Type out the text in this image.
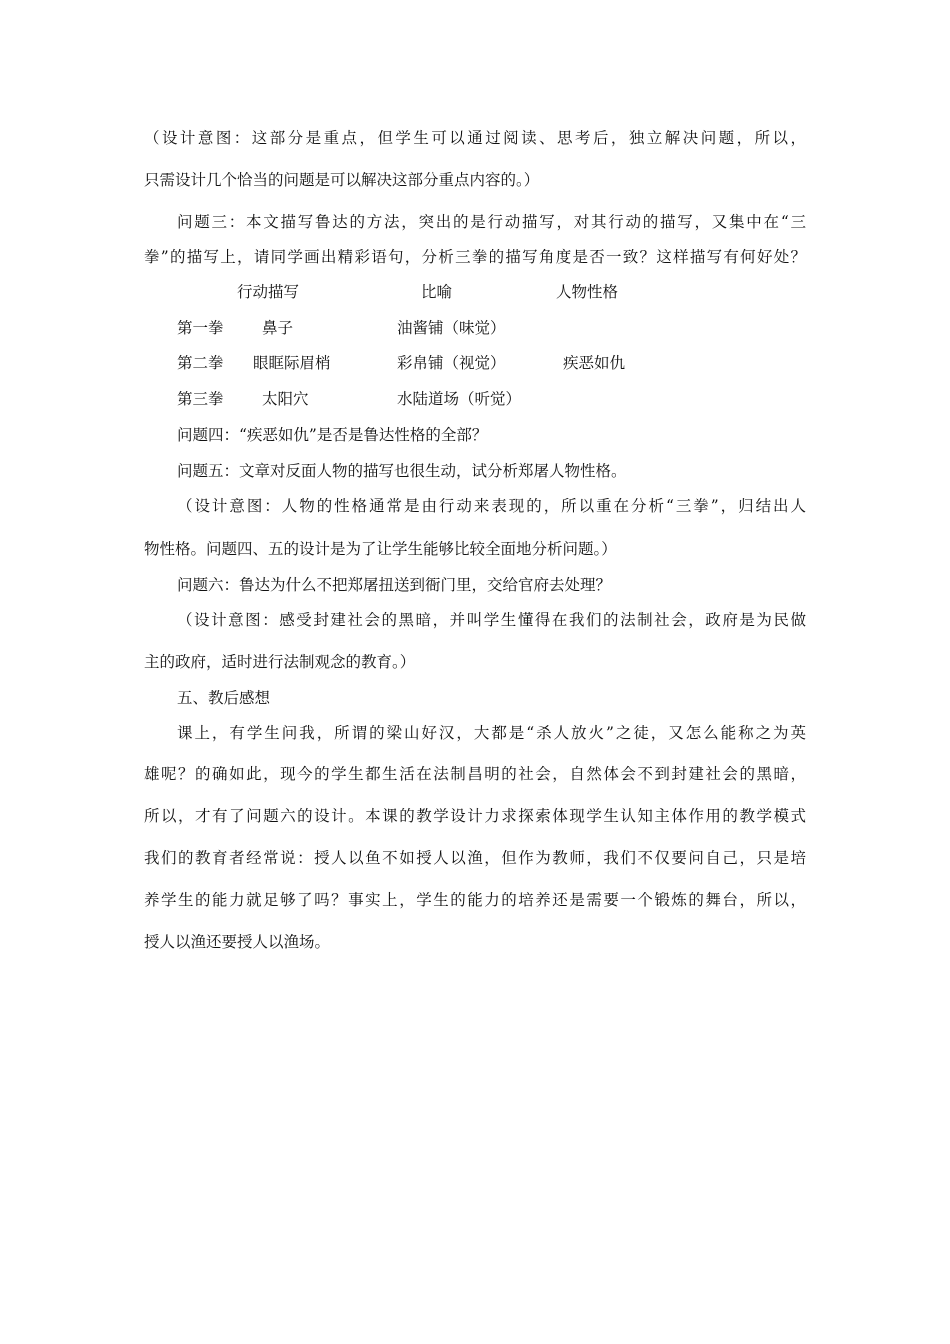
（设计意图：这部分是重点，但学生可以通过阅读、思考后，独立解决问题，所以，
只需设计几个恰当的问题是可以解决这部分重点内容的。）
问题三：本文描写鲁达的方法，突出的是行动描写，对其行动的描写，又集中在“三
拳”的描写上，请同学画出精彩语句，分析三拳的描写角度是否一致？这样描写有何好处？
行动描写	比喻	人物性格
第一拳 鼻子	油酱铺（味觉）
第二拳 眼眶际眉梢	彩帛铺（视觉）	疾恶如仇
第三拳 太阳穴	水陆道场（听觉）
问题四：“疾恶如仇”是否是鲁达性格的全部？
问题五：文章对反面人物的描写也很生动，试分析郑屠人物性格。
（设计意图：人物的性格通常是由行动来表现的，所以重在分析“三拳”，归结出人
物性格。问题四、五的设计是为了让学生能够比较全面地分析问题。）
问题六：鲁达为什么不把郑屠扭送到衙门里，交给官府去处理？
（设计意图：感受封建社会的黑暗，并叫学生懂得在我们的法制社会，政府是为民做
主的政府，适时进行法制观念的教育。）
五、教后感想
课上，有学生问我，所谓的梁山好汉，大都是“杀人放火”之徒，又怎么能称之为英
雄呢？的确如此，现今的学生都生活在法制昌明的社会，自然体会不到封建社会的黑暗，
所以，才有了问题六的设计。本课的教学设计力求探索体现学生认知主体作用的教学模式
我们的教育者经常说：授人以鱼不如授人以渔，但作为教师，我们不仅要问自己，只是培
养学生的能力就足够了吗？事实上，学生的能力的培养还是需要一个锻炼的舞台，所以，
授人以渔还要授人以渔场。
